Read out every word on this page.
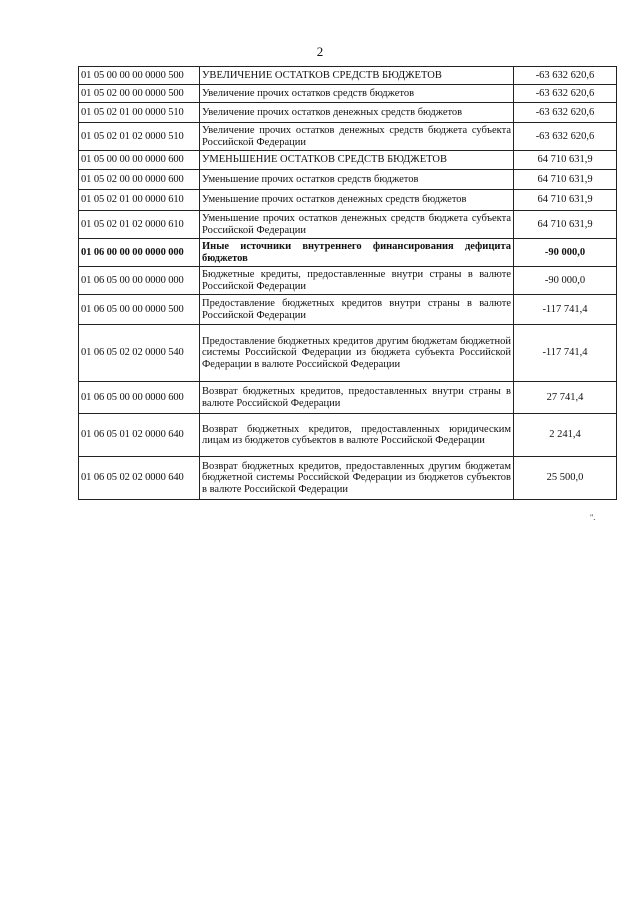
2
01 05 00 00 00 0000 500	УВЕЛИЧЕНИЕ ОСТАТКОВ СРЕДСТВ БЮДЖЕТОВ	-63 632 620,6
01 05 02 00 00 0000 500	Увеличение прочих остатков средств бюджетов	-63 632 620,6
01 05 02 01 00 0000 510	Увеличение прочих остатков денежных средств бюджетов	-63 632 620,6
01 05 02 01 02 0000 510	Увеличение прочих остатков денежных средств бюджета субъекта Российской Федерации	-63 632 620,6
01 05 00 00 00 0000 600	УМЕНЬШЕНИЕ ОСТАТКОВ СРЕДСТВ БЮДЖЕТОВ	64 710 631,9
01 05 02 00 00 0000 600	Уменьшение прочих остатков средств бюджетов	64 710 631,9
01 05 02 01 00 0000 610	Уменьшение прочих остатков денежных средств бюджетов	64 710 631,9
01 05 02 01 02 0000 610	Уменьшение прочих остатков денежных средств бюджета субъекта Российской Федерации	64 710 631,9
01 06 00 00 00 0000 000	Иные источники внутреннего финансирования дефицита бюджетов	-90 000,0
01 06 05 00 00 0000 000	Бюджетные кредиты, предоставленные внутри страны в валюте Российской Федерации	-90 000,0
01 06 05 00 00 0000 500	Предоставление бюджетных кредитов внутри страны в валюте Российской Федерации	-117 741,4
01 06 05 02 02 0000 540	Предоставление бюджетных кредитов другим бюджетам бюджетной системы Российской Федерации из бюджета субъекта Российской Федерации в валюте Российской Федерации	-117 741,4
01 06 05 00 00 0000 600	Возврат бюджетных кредитов, предоставленных внутри страны в валюте Российской Федерации	27 741,4
01 06 05 01 02 0000 640	Возврат бюджетных кредитов, предоставленных юридическим лицам из бюджетов субъектов в валюте Российской Федерации	2 241,4
01 06 05 02 02 0000 640	Возврат бюджетных кредитов, предоставленных другим бюджетам бюджетной системы Российской Федерации из бюджетов субъектов в валюте Российской Федерации	25 500,0
".
